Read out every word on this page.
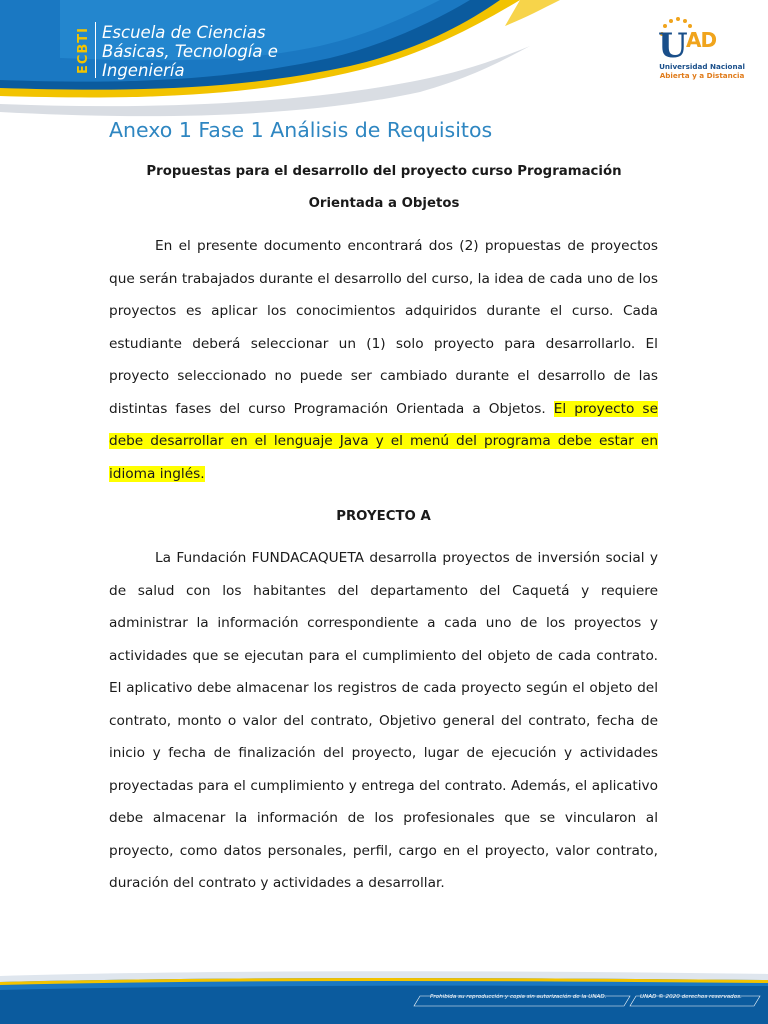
ECBTI Escuela de Ciencias
Básicas, Tecnología e
Ingeniería
U
AD
Universidad Nacional
Abierta y a Distancia
Anexo 1 Fase 1 Análisis de Requisitos

Propuestas para el desarrollo del proyecto curso Programación Orientada a Objetos

En el presente documento encontrará dos (2) propuestas de proyectos que serán trabajados durante el desarrollo del curso, la idea de cada uno de los proyectos es aplicar los conocimientos adquiridos durante el curso. Cada estudiante deberá seleccionar un (1) solo proyecto para desarrollarlo. El proyecto seleccionado no puede ser cambiado durante el desarrollo de las distintas fases del curso Programación Orientada a Objetos. El proyecto se debe desarrollar en el lenguaje Java y el menú del programa debe estar en idioma inglés.

PROYECTO A

La Fundación FUNDACAQUETA desarrolla proyectos de inversión social y de salud con los habitantes del departamento del Caquetá y requiere administrar la información correspondiente a cada uno de los proyectos y actividades que se ejecutan para el cumplimiento del objeto de cada contrato. El aplicativo debe almacenar los registros de cada proyecto según el objeto del contrato, monto o valor del contrato, Objetivo general del contrato, fecha de inicio y fecha de finalización del proyecto, lugar de ejecución y actividades proyectadas para el cumplimiento y entrega del contrato. Además, el aplicativo debe almacenar la información de los profesionales que se vincularon al proyecto, como datos personales, perfil, cargo en el proyecto, valor contrato, duración del contrato y actividades a desarrollar.

Prohibida su reproducción y copia sin autorización de la UNAD.	UNAD © 2020 derechos reservados.
